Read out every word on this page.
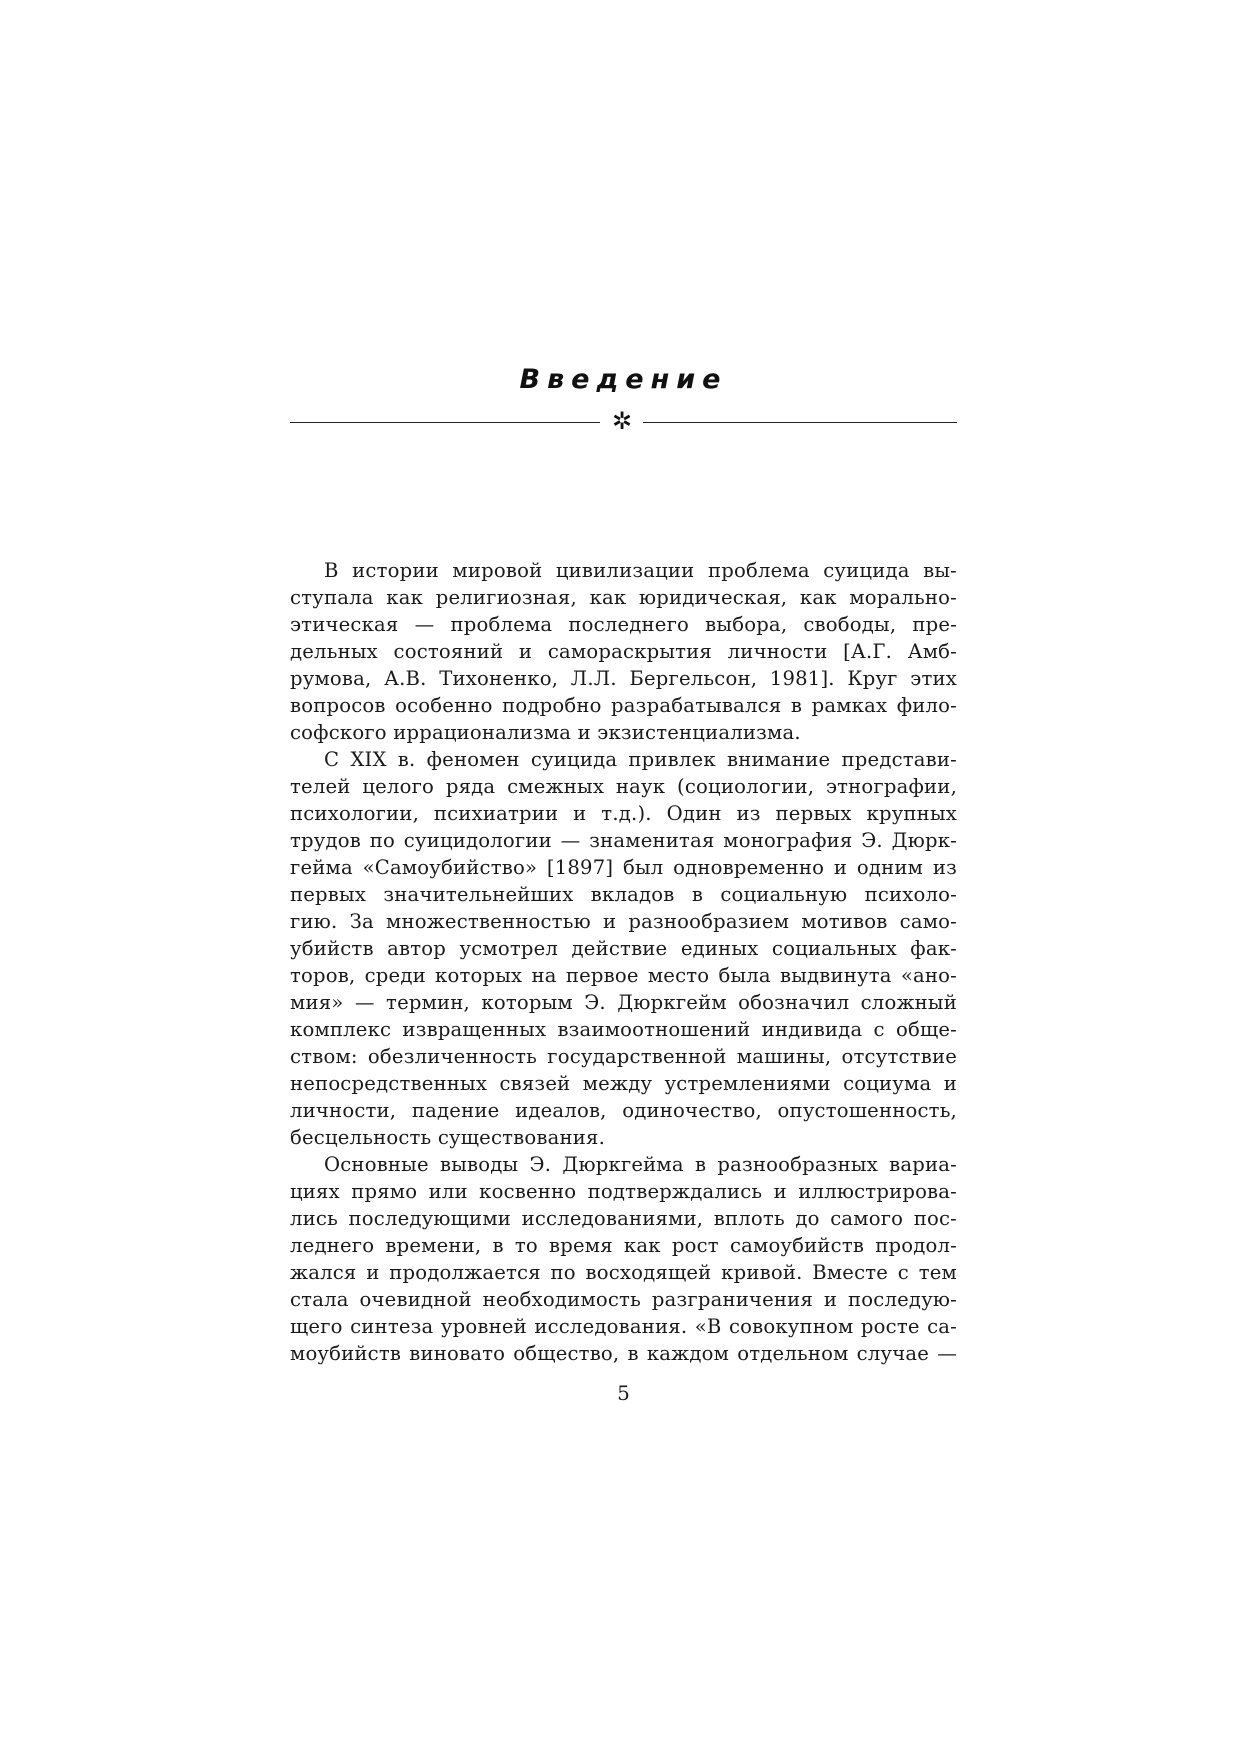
Введение
✲
В истории мировой цивилизации проблема суицида вы-
ступала как религиозная, как юридическая, как морально-
этическая — проблема последнего выбора, свободы, пре-
дельных состояний и самораскрытия личности [А.Г. Амб-
румова, А.В. Тихоненко, Л.Л. Бергельсон, 1981]. Круг этих
вопросов особенно подробно разрабатывался в рамках фило-
софского иррационализма и экзистенциализма.
С XIX в. феномен суицида привлек внимание представи-
телей целого ряда смежных наук (социологии, этнографии,
психологии, психиатрии и т.д.). Один из первых крупных
трудов по суицидологии — знаменитая монография Э. Дюрк-
гейма «Самоубийство» [1897] был одновременно и одним из
первых значительнейших вкладов в социальную психоло-
гию. За множественностью и разнообразием мотивов само-
убийств автор усмотрел действие единых социальных фак-
торов, среди которых на первое место была выдвинута «ано-
мия» — термин, которым Э. Дюркгейм обозначил сложный
комплекс извращенных взаимоотношений индивида с обще-
ством: обезличенность государственной машины, отсутствие
непосредственных связей между устремлениями социума и
личности, падение идеалов, одиночество, опустошенность,
бесцельность существования.
Основные выводы Э. Дюркгейма в разнообразных вариа-
циях прямо или косвенно подтверждались и иллюстрирова-
лись последующими исследованиями, вплоть до самого пос-
леднего времени, в то время как рост самоубийств продол-
жался и продолжается по восходящей кривой. Вместе с тем
стала очевидной необходимость разграничения и последую-
щего синтеза уровней исследования. «В совокупном росте са-
моубийств виновато общество, в каждом отдельном случае —
5
